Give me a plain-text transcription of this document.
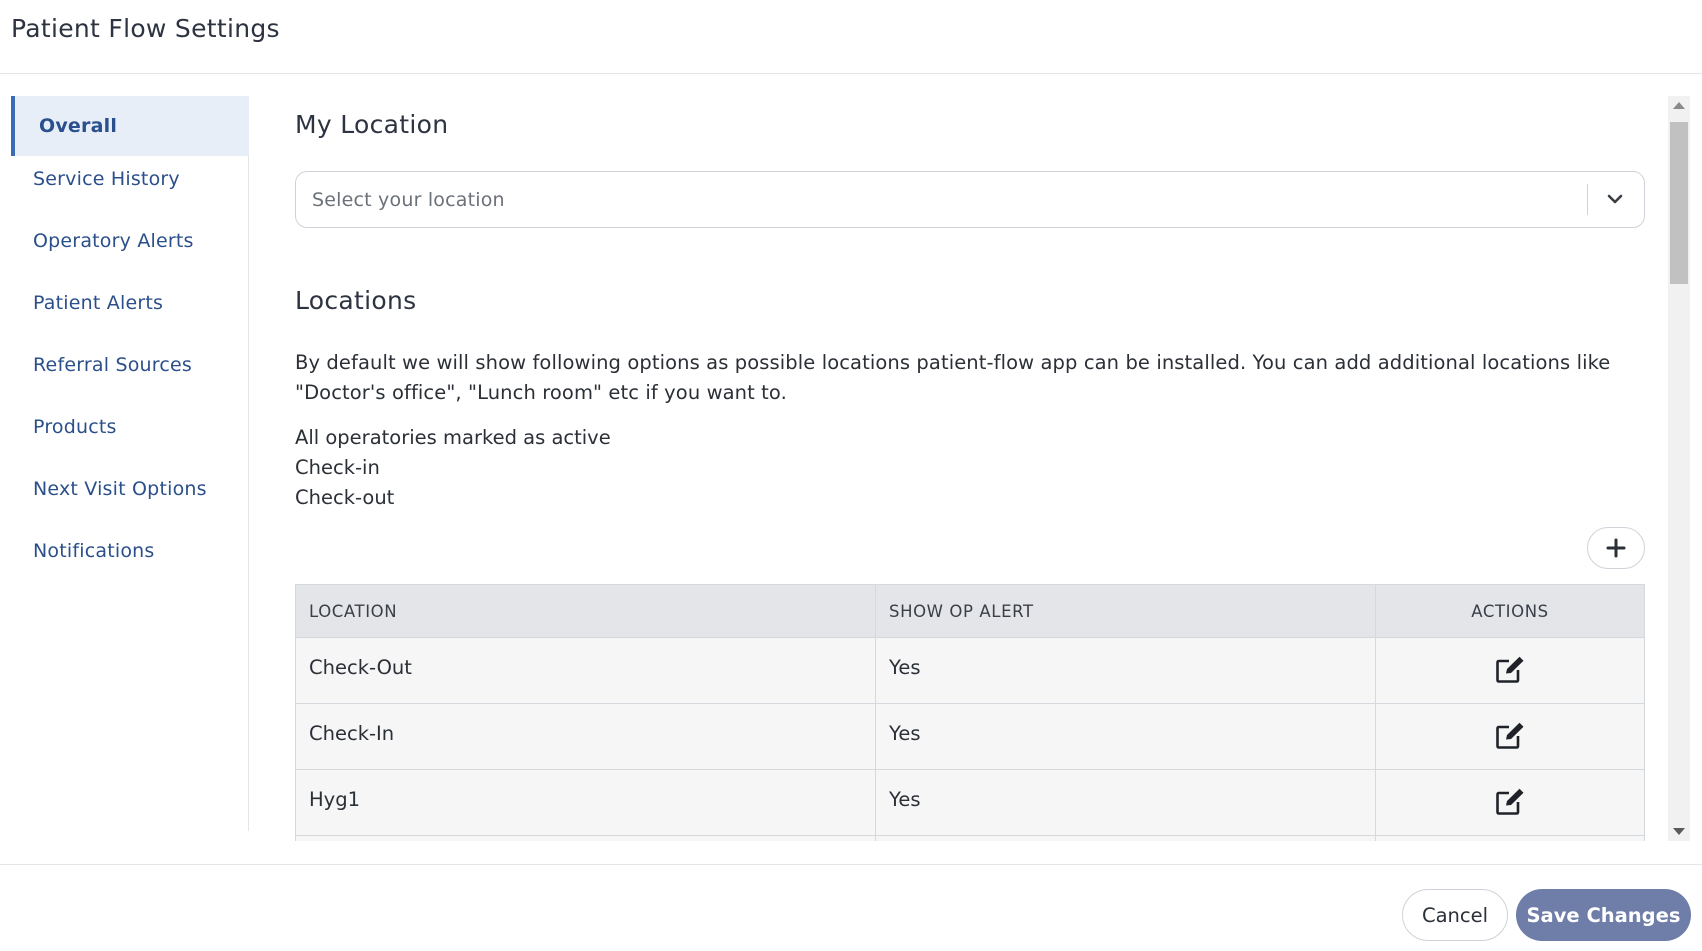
Patient Flow Settings
Overall
Service History
Operatory Alerts
Patient Alerts
Referral Sources
Products
Next Visit Options
Notifications
My Location
Select your location
Locations
By default we will show following options as possible locations patient-flow app can be installed. You can add additional locations like "Doctor's office", "Lunch room" etc if you want to.
All operatories marked as active
Check-in
Check-out
LOCATION	SHOW OP ALERT	ACTIONS
Check-Out	Yes
Check-In	Yes
Hyg1	Yes
Cancel	Save Changes
